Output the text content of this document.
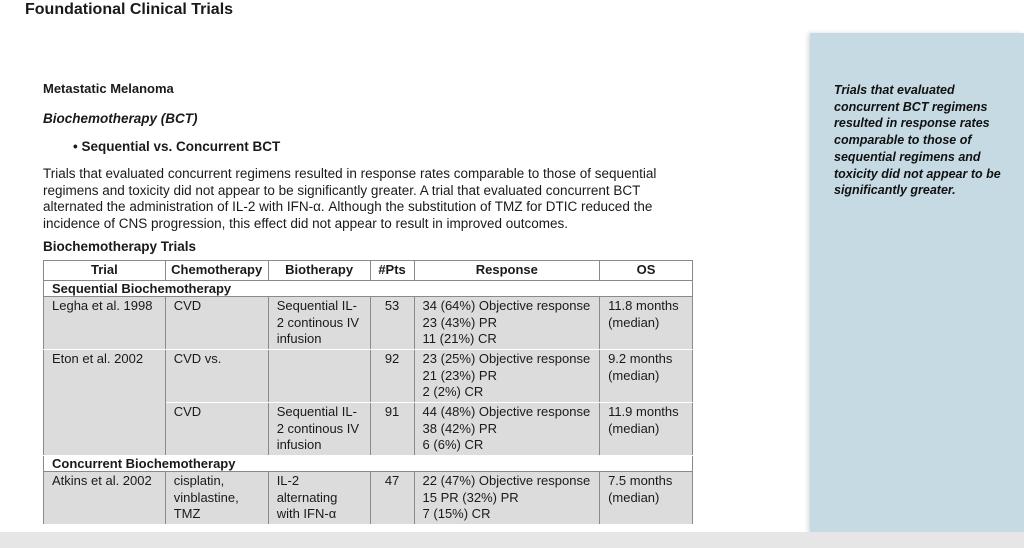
Foundational Clinical Trials
Metastatic Melanoma
Biochemotherapy (BCT)
• Sequential vs. Concurrent BCT
Trials that evaluated concurrent regimens resulted in response rates comparable to those of sequential regimens and toxicity did not appear to be significantly greater. A trial that evaluated concurrent BCT alternated the administration of IL-2 with IFN-α. Although the substitution of TMZ for DTIC reduced the incidence of CNS progression, this effect did not appear to result in improved outcomes.
Biochemotherapy Trials
Trial	Chemotherapy	Biotherapy	#Pts	Response	OS
Sequential Biochemotherapy					
Legha et al. 1998	CVD	Sequential IL-2 continous IV infusion	53	34 (64%) Objective response
23 (43%) PR
11 (21%) CR	11.8 months (median)
Eton et al. 2002	CVD vs.		92	23 (25%) Objective response
21 (23%) PR
2 (2%) CR	9.2 months (median)
	CVD	Sequential IL-2 continous IV infusion	91	44 (48%) Objective response
38 (42%) PR
6 (6%) CR	11.9 months (median)
Concurrent Biochemotherapy					
Atkins et al. 2002	cisplatin, vinblastine, TMZ	IL-2 alternating with IFN-α	47	22 (47%) Objective response
15 PR (32%) PR
7 (15%) CR	7.5 months (median)
Trials that evaluated concurrent BCT regimens resulted in response rates comparable to those of sequential regimens and toxicity did not appear to be significantly greater.
